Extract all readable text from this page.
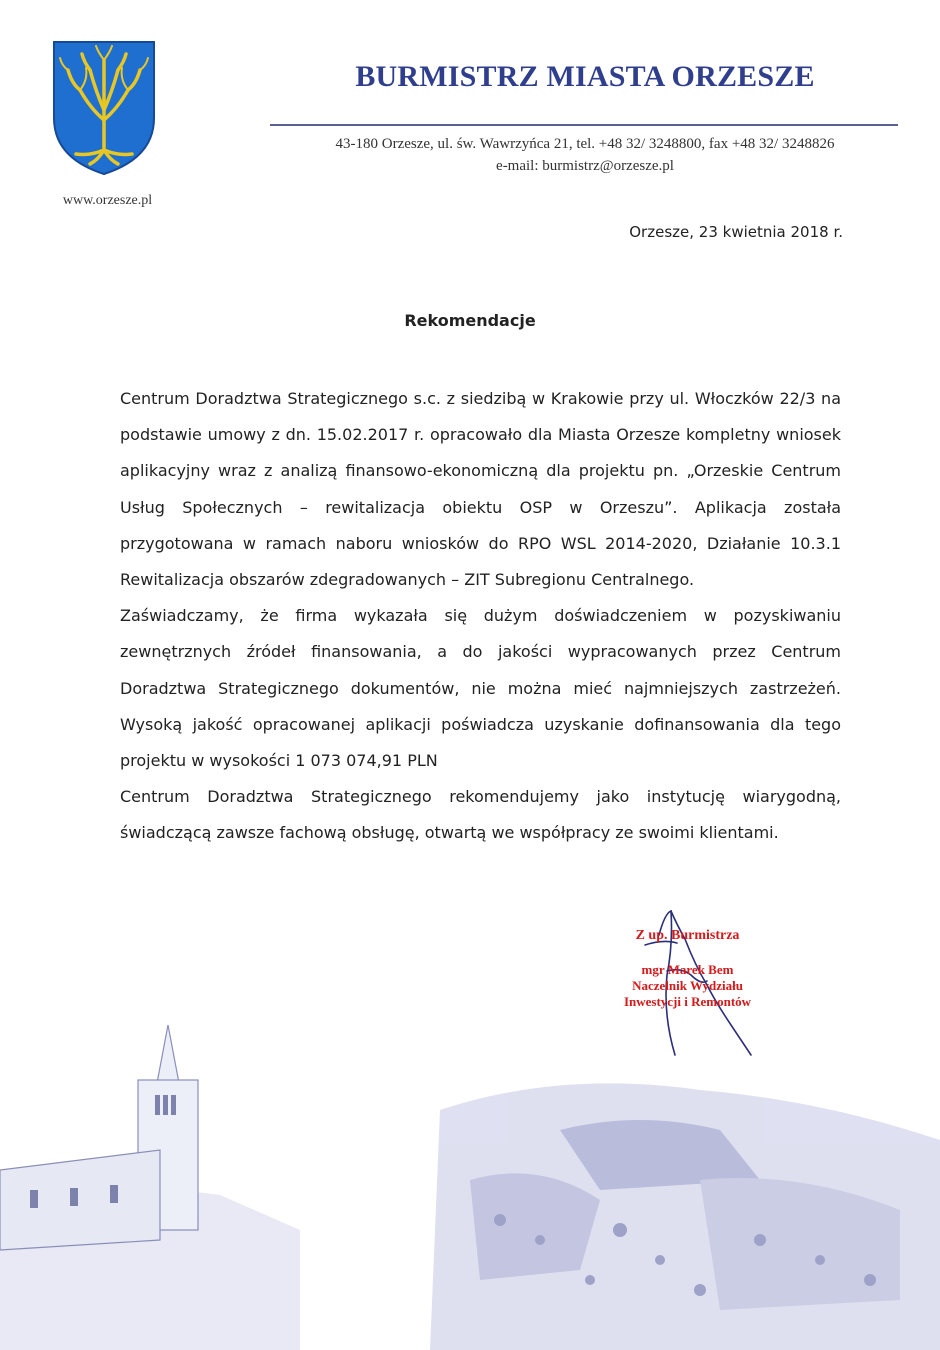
www.orzesze.pl
BURMISTRZ MIASTA ORZESZE
43-180 Orzesze, ul. św. Wawrzyńca 21, tel. +48 32/ 3248800, fax +48 32/ 3248826
e-mail: burmistrz@orzesze.pl
Orzesze, 23 kwietnia 2018 r.
Rekomendacje

Centrum Doradztwa Strategicznego s.c. z siedzibą w Krakowie przy ul. Włoczków 22/3 na podstawie umowy z dn. 15.02.2017 r. opracowało dla Miasta Orzesze kompletny wniosek aplikacyjny wraz z analizą finansowo-ekonomiczną dla projektu pn. „Orzeskie Centrum Usług Społecznych – rewitalizacja obiektu OSP w Orzeszu”. Aplikacja została przygotowana w ramach naboru wniosków do RPO WSL 2014-2020, Działanie 10.3.1 Rewitalizacja obszarów zdegradowanych – ZIT Subregionu Centralnego.

Zaświadczamy, że firma wykazała się dużym doświadczeniem w pozyskiwaniu zewnętrznych źródeł finansowania, a do jakości wypracowanych przez Centrum Doradztwa Strategicznego dokumentów, nie można mieć najmniejszych zastrzeżeń. Wysoką jakość opracowanej aplikacji poświadcza uzyskanie dofinansowania dla tego projektu w wysokości 1 073 074,91 PLN

Centrum Doradztwa Strategicznego rekomendujemy jako instytucję wiarygodną, świadczącą zawsze fachową obsługę, otwartą we współpracy ze swoimi klientami.

Z up. Burmistrza
mgr Marek Bem
Naczelnik Wydziału
Inwestycji i Remontów
